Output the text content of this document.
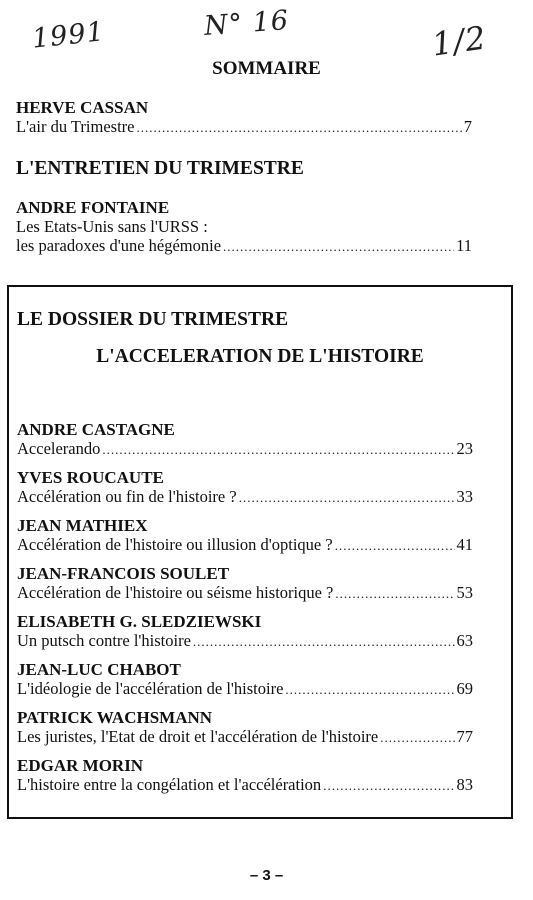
1991	N° 16	1/2
SOMMAIRE
HERVE CASSAN
L'air du Trimestre .....	7
L'ENTRETIEN DU TRIMESTRE
ANDRE FONTAINE
Les Etats-Unis sans l'URSS :
les paradoxes d'une hégémonie .....	11
LE DOSSIER DU TRIMESTRE
L'ACCELERATION DE L'HISTOIRE
ANDRE CASTAGNE
Accelerando .....	23
YVES ROUCAUTE
Accélération ou fin de l'histoire ? .....	33
JEAN MATHIEX
Accélération de l'histoire ou illusion d'optique ? .....	41
JEAN-FRANCOIS SOULET
Accélération de l'histoire ou séisme historique ? .....	53
ELISABETH G. SLEDZIEWSKI
Un putsch contre l'histoire .....	63
JEAN-LUC CHABOT
L'idéologie de l'accélération de l'histoire .....	69
PATRICK WACHSMANN
Les juristes, l'Etat de droit et l'accélération de l'histoire .....	77
EDGAR MORIN
L'histoire entre la congélation et l'accélération .....	83
– 3 –
